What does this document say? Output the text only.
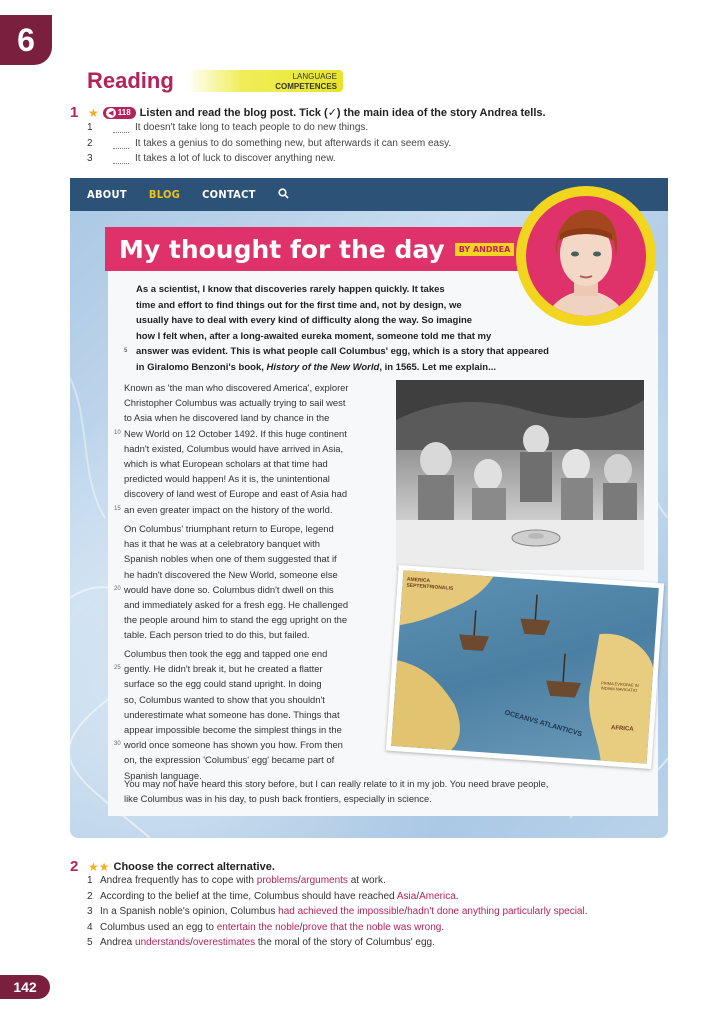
6
142
Reading	LANGUAGE
COMPETENCES
1 ★	◀ 118 Listen and read the blog post. Tick (✓) the main idea of the story Andrea tells.
1	It doesn't take long to teach people to do new things.
2	It takes a genius to do something new, but afterwards it can seem easy.
3	It takes a lot of luck to discover anything new.
ABOUT BLOG CONTACT
My thought for the day	BY ANDREA
As a scientist, I know that discoveries rarely happen quickly. It takes
time and effort to find things out for the first time and, not by design, we
usually have to deal with every kind of difficulty along the way. So imagine
how I felt when, after a long-awaited eureka moment, someone told me that my
5 answer was evident. This is what people call Columbus' egg, which is a story that appeared
in Giralomo Benzoni's book, History of the New World, in 1565. Let me explain...
Known as 'the man who discovered America', explorer
Christopher Columbus was actually trying to sail west
to Asia when he discovered land by chance in the
10 New World on 12 October 1492. If this huge continent
hadn't existed, Columbus would have arrived in Asia,
which is what European scholars at that time had
predicted would happen! As it is, the unintentional
discovery of land west of Europe and east of Asia had
15 an even greater impact on the history of the world.
On Columbus' triumphant return to Europe, legend
has it that he was at a celebratory banquet with
Spanish nobles when one of them suggested that if
he hadn't discovered the New World, someone else
20 would have done so. Columbus didn't dwell on this
and immediately asked for a fresh egg. He challenged
the people around him to stand the egg upright on the
table. Each person tried to do this, but failed.
Columbus then took the egg and tapped one end
25 gently. He didn't break it, but he created a flatter
surface so the egg could stand upright. In doing
so, Columbus wanted to show that you shouldn't
underestimate what someone has done. Things that
appear impossible become the simplest things in the
30 world once someone has shown you how. From then
on, the expression 'Columbus' egg' became part of
Spanish language.
AMERICA SEPTENTRIONALIS
OCEANVS ATLANTICVS	AFRICA
PRIMA EVROPAE IN INDIAM NAVIGATIO
You may not have heard this story before, but I can really relate to it in my job. You need brave people,
like Columbus was in his day, to push back frontiers, especially in science.
2 ★★ Choose the correct alternative.
1 Andrea frequently has to cope with problems/arguments at work.
2 According to the belief at the time, Columbus should have reached Asia/America.
3 In a Spanish noble's opinion, Columbus had achieved the impossible/hadn't done anything particularly special.
4 Columbus used an egg to entertain the noble/prove that the noble was wrong.
5 Andrea understands/overestimates the moral of the story of Columbus' egg.
